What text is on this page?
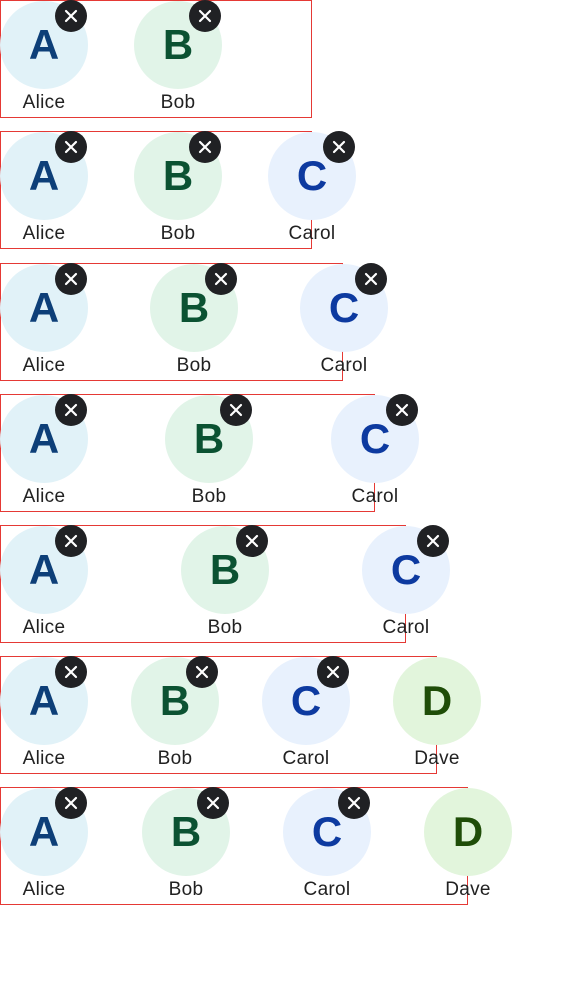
A
Alice
B
Bob
A
Alice
B
Bob
C
Carol
A
Alice
B
Bob
C
Carol
A
Alice
B
Bob
C
Carol
A
Alice
B
Bob
C
Carol
A
Alice
B
Bob
C
Carol
D
Dave
A
Alice
B
Bob
C
Carol
D
Dave
